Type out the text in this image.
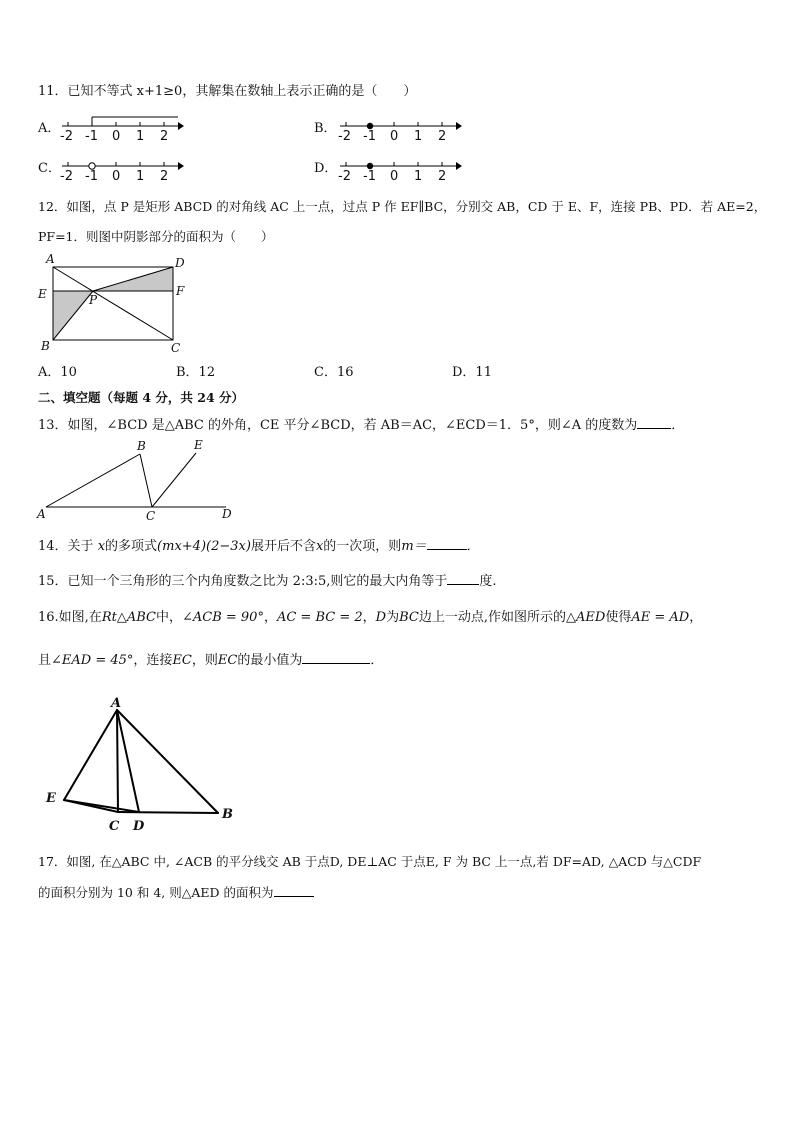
11．已知不等式 x+1≥0，其解集在数轴上表示正确的是（　　）
A．	B．
C．	D．
-2 -1 0 1 2	-2 -1 0 1 2
-2 -1 0 1 2	-2 -1 0 1 2
12．如图，点 P 是矩形 ABCD 的对角线 AC 上一点，过点 P 作 EF∥BC，分别交 AB，CD 于 E、F，连接 PB、PD．若 AE=2，
PF=1．则图中阴影部分的面积为（　　）
A	D
E	F
P
B	C
A．10	B．12	C．16	D．11
二、填空题（每题 4 分，共 24 分）
13．如图，∠BCD 是△ABC 的外角，CE 平分∠BCD，若 AB＝AC，∠ECD＝1．5°，则∠A 的度数为	．
A
B	E
C	D
14．关于 x的多项式(mx+4)(2−3x)展开后不含x的一次项，则m＝	．
15．已知一个三角形的三个内角度数之比为 2:3:5,则它的最大内角等于 度.
16.如图,在Rt△ABC中，∠ACB = 90°，AC = BC = 2，D为BC边上一动点,作如图所示的△AED使得AE = AD，
且∠EAD = 45°，连接EC，则EC的最小值为	．
A
E
C D
B
17．如图, 在△ABC 中, ∠ACB 的平分线交 AB 于点D, DE⊥AC 于点E, F 为 BC 上一点,若 DF=AD, △ACD 与△CDF
的面积分别为 10 和 4, 则△AED 的面积为
